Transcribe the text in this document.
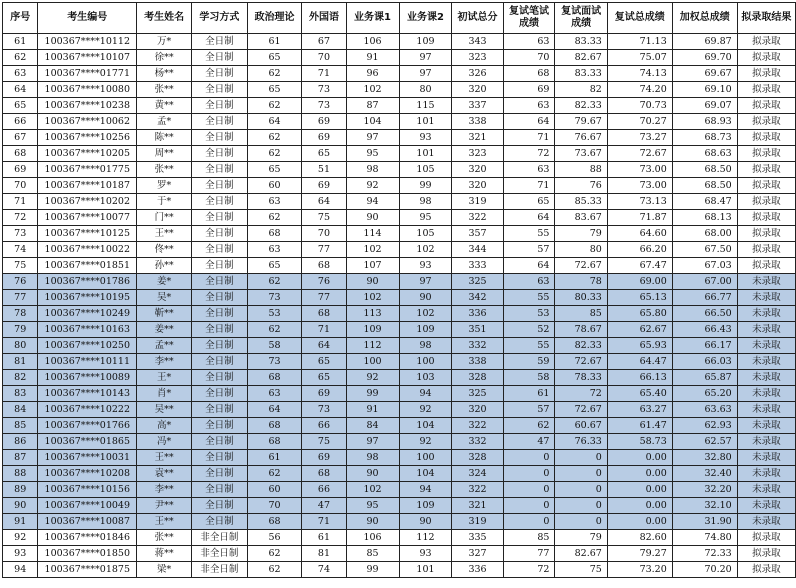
序号	考生编号	考生姓名	学习方式	政治理论	外国语	业务课1	业务课2	初试总分	复试笔试成绩	复试面试成绩	复试总成绩	加权总成绩	拟录取结果
61	100367****10112	万*	全日制	61	67	106	109	343	63	83.33	71.13	69.87	拟录取
62	100367****10107	徐**	全日制	65	70	91	97	323	70	82.67	75.07	69.70	拟录取
63	100367****01771	杨**	全日制	62	71	96	97	326	68	83.33	74.13	69.67	拟录取
64	100367****10080	张**	全日制	65	73	102	80	320	69	82	74.20	69.10	拟录取
65	100367****10238	黄**	全日制	62	73	87	115	337	63	82.33	70.73	69.07	拟录取
66	100367****10062	孟*	全日制	64	69	104	101	338	64	79.67	70.27	68.93	拟录取
67	100367****10256	陈**	全日制	62	69	97	93	321	71	76.67	73.27	68.73	拟录取
68	100367****10205	周**	全日制	62	65	95	101	323	72	73.67	72.67	68.63	拟录取
69	100367****01775	张**	全日制	65	51	98	105	320	63	88	73.00	68.50	拟录取
70	100367****10187	罗*	全日制	60	69	92	99	320	71	76	73.00	68.50	拟录取
71	100367****10202	于*	全日制	63	64	94	98	319	65	85.33	73.13	68.47	拟录取
72	100367****10077	门**	全日制	62	75	90	95	322	64	83.67	71.87	68.13	拟录取
73	100367****10125	王**	全日制	68	70	114	105	357	55	79	64.60	68.00	拟录取
74	100367****10022	佟**	全日制	63	77	102	102	344	57	80	66.20	67.50	拟录取
75	100367****01851	孙**	全日制	65	68	107	93	333	64	72.67	67.47	67.03	拟录取
76	100367****01786	姜*	全日制	62	76	90	97	325	63	78	69.00	67.00	未录取
77	100367****10195	吴*	全日制	73	77	102	90	342	55	80.33	65.13	66.77	未录取
78	100367****10249	靳**	全日制	53	68	113	102	336	53	85	65.80	66.50	未录取
79	100367****10163	姜**	全日制	62	71	109	109	351	52	78.67	62.67	66.43	未录取
80	100367****10250	孟**	全日制	58	64	112	98	332	55	82.33	65.93	66.17	未录取
81	100367****10111	李**	全日制	73	65	100	100	338	59	72.67	64.47	66.03	未录取
82	100367****10089	王*	全日制	68	65	92	103	328	58	78.33	66.13	65.87	未录取
83	100367****10143	肖*	全日制	63	69	99	94	325	61	72	65.40	65.20	未录取
84	100367****10222	吴**	全日制	64	73	91	92	320	57	72.67	63.27	63.63	未录取
85	100367****01766	高*	全日制	68	66	84	104	322	62	60.67	61.47	62.93	未录取
86	100367****01865	冯*	全日制	68	75	97	92	332	47	76.33	58.73	62.57	未录取
87	100367****10031	王**	全日制	61	69	98	100	328	0	0	0.00	32.80	未录取
88	100367****10208	袁**	全日制	62	68	90	104	324	0	0	0.00	32.40	未录取
89	100367****10156	李**	全日制	60	66	102	94	322	0	0	0.00	32.20	未录取
90	100367****10049	尹**	全日制	70	47	95	109	321	0	0	0.00	32.10	未录取
91	100367****10087	王**	全日制	68	71	90	90	319	0	0	0.00	31.90	未录取
92	100367****01846	张**	非全日制	56	61	106	112	335	85	79	82.60	74.80	拟录取
93	100367****01850	蒋**	非全日制	62	81	85	93	327	77	82.67	79.27	72.33	拟录取
94	100367****01875	梁*	非全日制	62	74	99	101	336	72	75	73.20	70.20	拟录取
